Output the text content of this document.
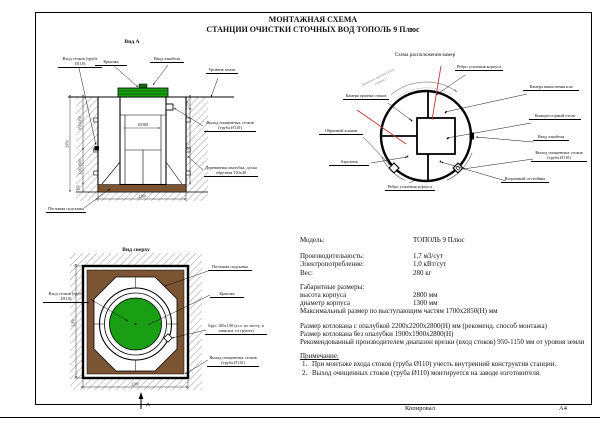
МОНТАЖНАЯ СХЕМА
СТАНЦИИ ОЧИСТКИ СТОЧНЫХ ВОД ТОПОЛЬ 9 Плюс
Ø1300
2950
950-1150
1300-1900
150
550
1570
2200
Вид А
Вход стоков (труба Ø110)	Крышка
Ввод элкабеля
Уровень земли
Выход очищенных стоков (труба Ø110)
Деревянная опалубка, доска обрезная 150х40
Песчаная подсыпка
2200
2200
А
Вид сверху
Вход стоков (труба Ø110)
Песчаная подсыпка
Крышка
Брус 100х100 (усл. по месту, в зависим. от грунта)
Выход очищенных стоков (труба Ø110)
Схема расположения камер
Диапазон врезки (вход стоков)
Ребро усиления корпуса
Камера накопления ила
Камера приема стоков
Компрессорный отсек
Ввод элкабеля
Выход очищенных стоков (труба Ø110)
Вторичный отстойник
Обратный клапан
Аэротенк
Ребро усиления корпуса
Модель:	ТОПОЛЬ 9 Плюс
Производительность:	1,7 м3/сут
Электропотребление:	1,0 кВт/сут
Вес:	280 кг
Габаритные размеры:
высота корпуса	2800 мм
диаметр корпуса	1300 мм
Максимальный размер по выступающим частям 1700х2850(Н) мм
Размер котлована с опалубкой 2200х2200х2800(Н) мм (рекоменд. способ монтажа)
Размер котлована без опалубки 1900х1900х2800(Н)
Рекомендованный производителем диапазон врезки (вход стоков) 950-1150 мм от уровня земли
Примечание:
1. При монтаже входа стоков (труба Ø110) учесть внутренний конструктив станции.
2. Выход очищенных стоков (труба Ø110) монтируется на заводе изготовителя.
Копировал	А4
